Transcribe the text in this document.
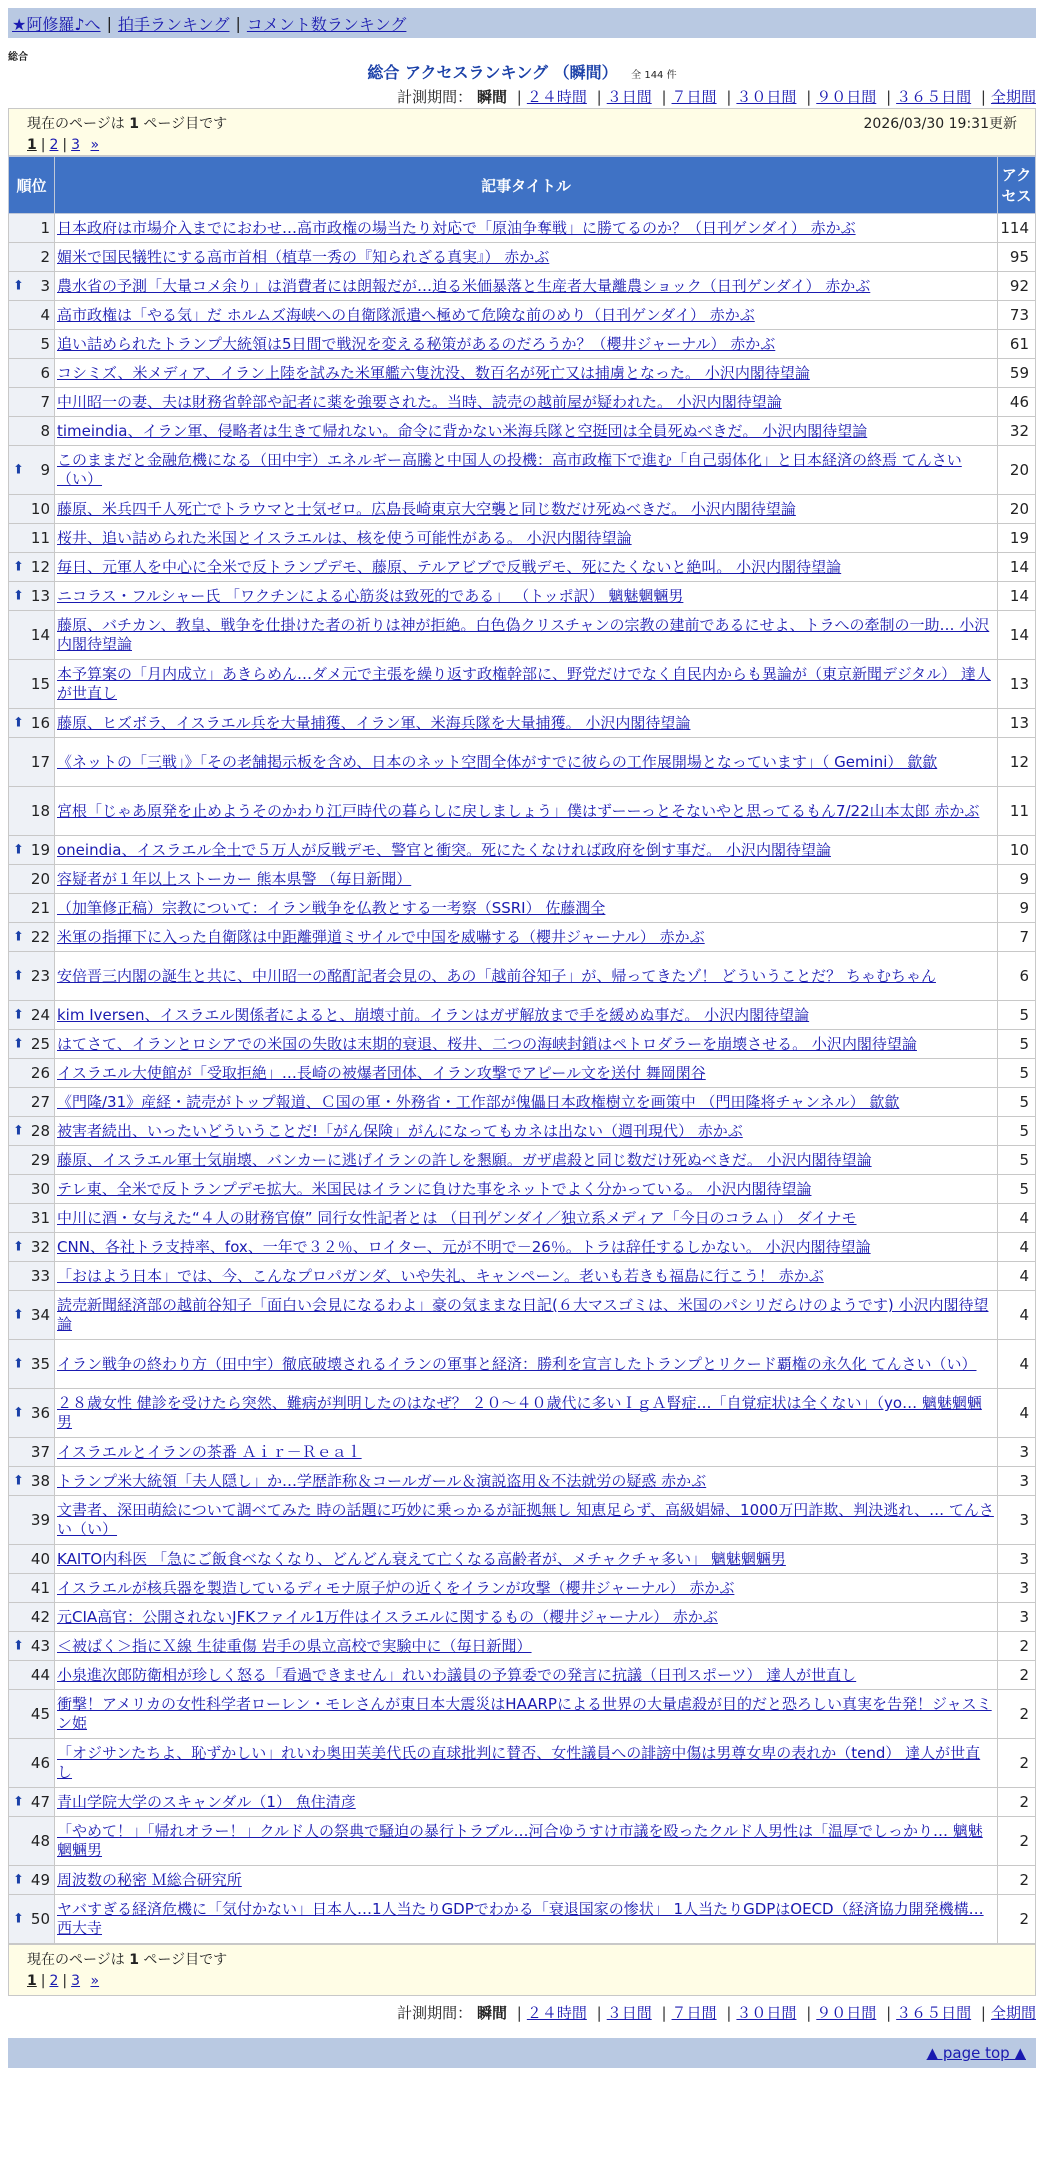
★阿修羅♪へ | 拍手ランキング | コメント数ランキング
総合
総合 アクセスランキング （瞬間） 全 144 件
計測期間： 瞬間 | ２４時間 | ３日間 | ７日間 | ３０日間 | ９０日間 | ３６５日間 | 全期間
現在のページは 1 ページ目です	2026/03/30 19:31更新
1 | 2 | 3 »
順位	記事タイトル	アクセス
1	日本政府は市場介入までにおわせ…高市政権の場当たり対応で「原油争奪戦」に勝てるのか？（日刊ゲンダイ） 赤かぶ	114
2	媚米で国民犠牲にする高市首相（植草一秀の『知られざる真実』） 赤かぶ	95

⬆ 3	農水省の予測「大量コメ余り」は消費者には朗報だが…迫る米価暴落と生産者大量離農ショック（日刊ゲンダイ） 赤かぶ	92
4	高市政権は「やる気」だ ホルムズ海峡への自衛隊派遣へ極めて危険な前のめり（日刊ゲンダイ） 赤かぶ	73
5	追い詰められたトランプ大統領は5日間で戦況を変える秘策があるのだろうか？（櫻井ジャーナル） 赤かぶ	61
6	コシミズ、米メディア、イラン上陸を試みた米軍艦六隻沈没、数百名が死亡又は捕虜となった。 小沢内閣待望論	59
7	中川昭一の妻、夫は財務省幹部や記者に薬を強要された。当時、読売の越前屋が疑われた。 小沢内閣待望論	46
8	timeindia、イラン軍、侵略者は生きて帰れない。命令に背かない米海兵隊と空挺団は全員死ぬべきだ。 小沢内閣待望論	32

⬆ 9	このままだと金融危機になる（田中宇）エネルギー高騰と中国人の投機：高市政権下で進む「自己弱体化」と日本経済の終焉 てんさい（い）	20
10	藤原、米兵四千人死亡でトラウマと士気ゼロ。広島長崎東京大空襲と同じ数だけ死ぬべきだ。 小沢内閣待望論	20
11	桜井、追い詰められた米国とイスラエルは、核を使う可能性がある。 小沢内閣待望論	19

⬆ 12	毎日、元軍人を中心に全米で反トランプデモ、藤原、テルアビブで反戦デモ、死にたくないと絶叫。 小沢内閣待望論	14

⬆ 13	ニコラス・フルシャー氏 「ワクチンによる心筋炎は致死的である」 （トッポ訳） 魑魅魍魎男	14
14	藤原、バチカン、教皇、戦争を仕掛けた者の祈りは神が拒絶。白色偽クリスチャンの宗教の建前であるにせよ、トラへの牽制の一助… 小沢内閣待望論	14
15	本予算案の「月内成立」あきらめん…ダメ元で主張を繰り返す政権幹部に、野党だけでなく自民内からも異論が（東京新聞デジタル） 達人が世直し	13

⬆ 16	藤原、ヒズボラ、イスラエル兵を大量捕獲、イラン軍、米海兵隊を大量捕獲。 小沢内閣待望論	13
17	《ネットの「三戦」》「その老舗掲示板を含め、日本のネット空間全体がすでに彼らの工作展開場となっています」（ Gemini） 歙歙	12
18	宮根「じゃあ原発を止めようそのかわり江戸時代の暮らしに戻しましょう」僕はずーーっとそないやと思ってるもん7/22山本太郎 赤かぶ	11

⬆ 19	oneindia、イスラエル全土で５万人が反戦デモ、警官と衝突。死にたくなければ政府を倒す事だ。 小沢内閣待望論	10
20	容疑者が１年以上ストーカー 熊本県警 （毎日新聞）	9
21	（加筆修正稿）宗教について：イラン戦争を仏教とする一考察（SSRI） 佐藤潤全	9

⬆ 22	米軍の指揮下に入った自衛隊は中距離弾道ミサイルで中国を威嚇する（櫻井ジャーナル） 赤かぶ	7

⬆ 23	安倍晋三内閣の誕生と共に、中川昭一の酩酊記者会見の、あの「越前谷知子」が、帰ってきたゾ！ どういうことだ？ ちゃむちゃん	6

⬆ 24	kim Iversen、イスラエル関係者によると、崩壊寸前。イランはガザ解放まで手を緩めぬ事だ。 小沢内閣待望論	5

⬆ 25	はてさて、イランとロシアでの米国の失敗は末期的衰退、桜井、二つの海峡封鎖はペトロダラーを崩壊させる。 小沢内閣待望論	5
26	イスラエル大使館が「受取拒絶」…長崎の被爆者団体、イラン攻撃でアピール文を送付 舞岡閑谷	5
27	《門隆/31》産経・読売がトップ報道、Ｃ国の軍・外務省・工作部が傀儡日本政権樹立を画策中 （門田隆将チャンネル） 歙歙	5

⬆ 28	被害者続出、いったいどういうことだ!「がん保険」がんになってもカネは出ない（週刊現代） 赤かぶ	5
29	藤原、イスラエル軍士気崩壊、バンカーに逃げイランの許しを懇願。ガザ虐殺と同じ数だけ死ぬべきだ。 小沢内閣待望論	5
30	テレ東、全米で反トランプデモ拡大。米国民はイランに負けた事をネットでよく分かっている。 小沢内閣待望論	5
31	中川に酒・女与えた“４人の財務官僚” 同行女性記者とは （日刊ゲンダイ／独立系メディア「今日のコラム」） ダイナモ	4

⬆ 32	CNN、各社トラ支持率、fox、一年で３２％、ロイター、元が不明で－26％。トラは辞任するしかない。 小沢内閣待望論	4
33	「おはよう日本」では、今、こんなプロパガンダ、いや失礼、キャンペーン。老いも若きも福島に行こう！ 赤かぶ	4

⬆ 34	読売新聞経済部の越前谷知子「面白い会見になるわよ」豪の気ままな日記(６大マスゴミは、米国のパシリだらけのようです) 小沢内閣待望論	4

⬆ 35	イラン戦争の終わり方（田中宇）徹底破壊されるイランの軍事と経済：勝利を宣言したトランプとリクード覇権の永久化 てんさい（い）	4

⬆ 36	２８歳女性 健診を受けたら突然、難病が判明したのはなぜ？ ２０～４０歳代に多いＩｇＡ腎症…「自覚症状は全くない」（yo… 魑魅魍魎男	4
37	イスラエルとイランの茶番 Ａｉｒ－Ｒｅａｌ	3

⬆ 38	トランプ米大統領「夫人隠し」か…学歴詐称＆コールガール＆演説盗用＆不法就労の疑惑 赤かぶ	3
39	文書者、深田萌絵について調べてみた 時の話題に巧妙に乗っかるが証拠無し 知恵足らず、高級娼婦、1000万円詐欺、判決逃れ、… てんさい（い）	3
40	KAITO内科医 「急にご飯食べなくなり、どんどん衰えて亡くなる高齢者が、メチャクチャ多い」 魑魅魍魎男	3
41	イスラエルが核兵器を製造しているディモナ原子炉の近くをイランが攻撃（櫻井ジャーナル） 赤かぶ	3
42	元CIA高官：公開されないJFKファイル1万件はイスラエルに関するもの（櫻井ジャーナル） 赤かぶ	3

⬆ 43	＜被ばく＞指にＸ線 生徒重傷 岩手の県立高校で実験中に（毎日新聞）	2
44	小泉進次郎防衛相が珍しく怒る「看過できません」れいわ議員の予算委での発言に抗議（日刊スポーツ） 達人が世直し	2
45	衝撃！アメリカの女性科学者ローレン・モレさんが東日本大震災はHAARPによる世界の大量虐殺が目的だと恐ろしい真実を告発！ジャスミン姫	2
46	「オジサンたちよ、恥ずかしい」れいわ奥田芙美代氏の直球批判に賛否、女性議員への誹謗中傷は男尊女卑の表れか（tend） 達人が世直し	2

⬆ 47	青山学院大学のスキャンダル（1） 魚住清彦	2
48	「やめて！」「帰れオラー！」クルド人の祭典で騒迫の暴行トラブル…河合ゆうすけ市議を殴ったクルド人男性は「温厚でしっかり… 魑魅魍魎男	2

⬆ 49	周波数の秘密 Ｍ総合研究所	2

⬆ 50	ヤバすぎる経済危機に「気付かない」日本人…1人当たりGDPでわかる「衰退国家の惨状」 1人当たりGDPはOECD（経済協力開発機構… 西大寺	2
現在のページは 1 ページ目です
1 | 2 | 3 »
計測期間： 瞬間 | ２４時間 | ３日間 | ７日間 | ３０日間 | ９０日間 | ３６５日間 | 全期間
▲ page top ▲
